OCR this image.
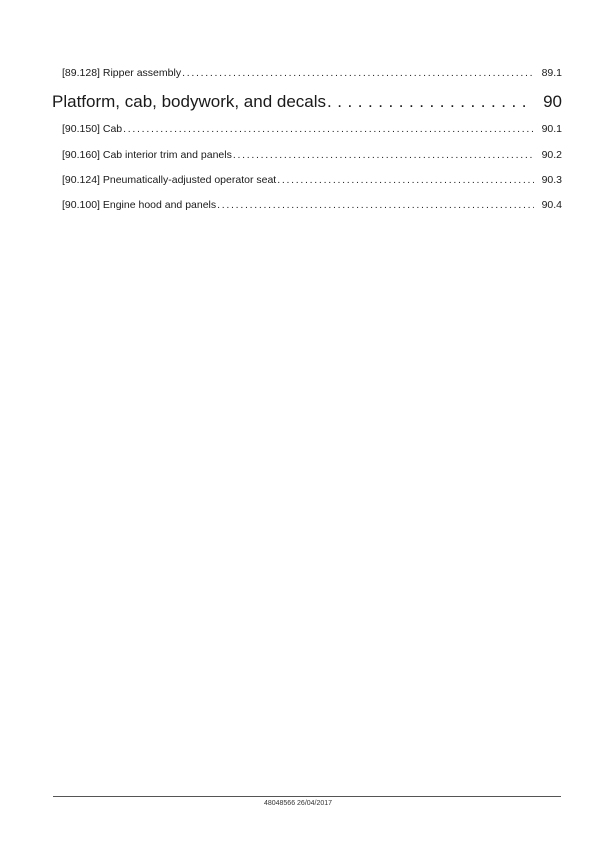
[89.128] Ripper assembly . . .	89.1
Platform, cab, bodywork, and decals . . .	90
[90.150] Cab . . .	90.1
[90.160] Cab interior trim and panels . . .	90.2
[90.124] Pneumatically-adjusted operator seat . . .	90.3
[90.100] Engine hood and panels . . .	90.4
48048566 26/04/2017
